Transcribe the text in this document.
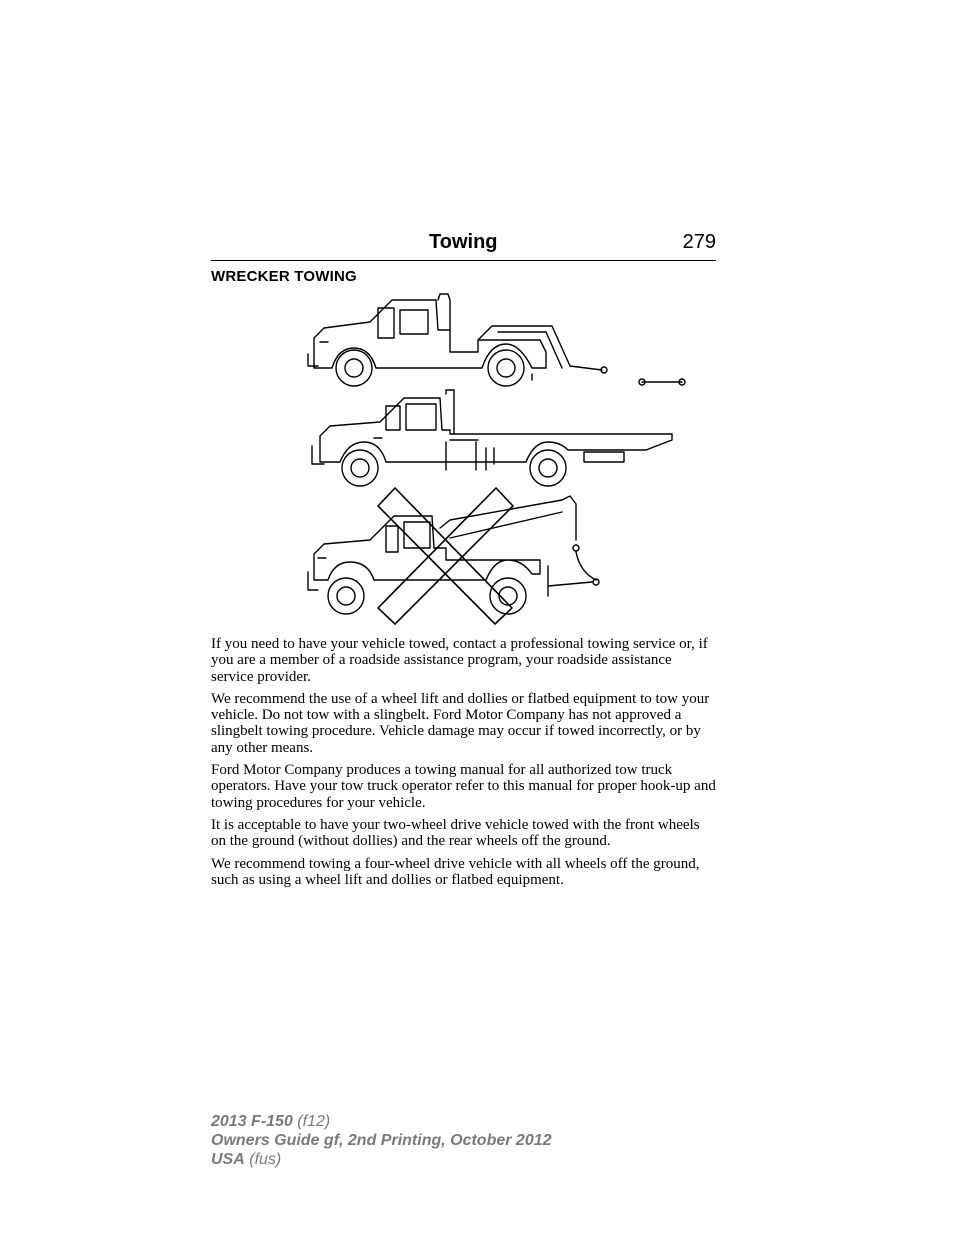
Towing	279
WRECKER TOWING

If you need to have your vehicle towed, contact a professional towing service or, if you are a member of a roadside assistance program, your roadside assistance service provider.

We recommend the use of a wheel lift and dollies or flatbed equipment to tow your vehicle. Do not tow with a slingbelt. Ford Motor Company has not approved a slingbelt towing procedure. Vehicle damage may occur if towed incorrectly, or by any other means.

Ford Motor Company produces a towing manual for all authorized tow truck operators. Have your tow truck operator refer to this manual for proper hook-up and towing procedures for your vehicle.

It is acceptable to have your two-wheel drive vehicle towed with the front wheels on the ground (without dollies) and the rear wheels off the ground.

We recommend towing a four-wheel drive vehicle with all wheels off the ground, such as using a wheel lift and dollies or flatbed equipment.

2013 F-150 (f12)
Owners Guide gf, 2nd Printing, October 2012
USA (fus)
